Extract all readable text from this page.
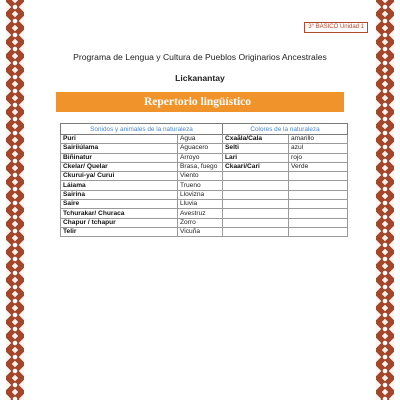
3° BÁSICO Unidad 1
Programa de Lengua y Cultura de Pueblos Originarios Ancestrales
Lickanantay
Repertorio lingüístico
Sonidos y animales de la naturaleza		Colores de la naturaleza	
Puri	Agua	Cxaãla/Cala	amarillo
Sairiiúlama	Aguacero	Selti	azul
Biñinatur	Arroyo	Lari	rojo
Ckelar/ Quelar	Brasa, fuego	Ckaari/Cari	Verde
Ckurui-ya/ Curui	Viento		
Láiama	Trueno		
Sairina	Llovizna		
Saire	Lluvia		
Tchurakar/ Churaca	Avestruz		
Chapur / tchapur	Zorro		
Telir	Vicuña		
